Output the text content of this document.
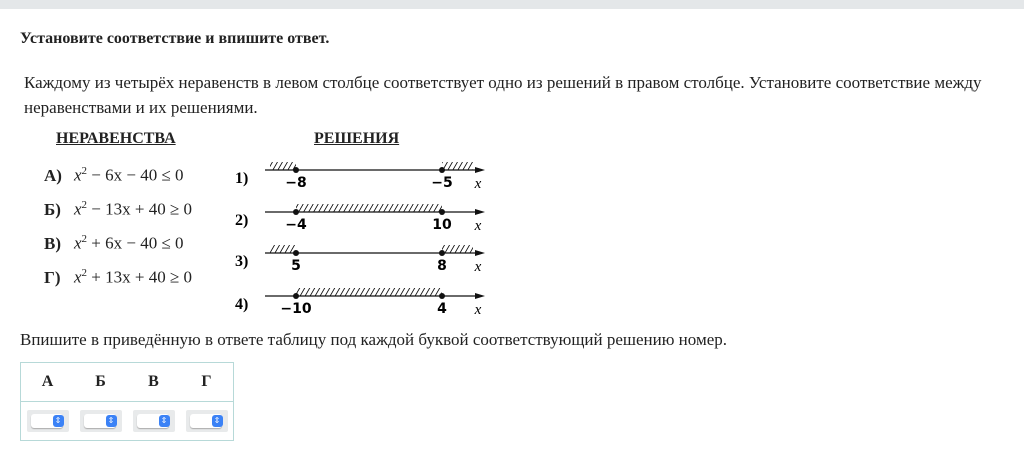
Установите соответствие и впишите ответ.
Каждому из четырёх неравенств в левом столбце соответствует одно из решений в правом столбце. Установите соответствие между неравенствами и их решениями.
НЕРАВЕНСТВА	РЕШЕНИЯ
А) $x^2 - 6x - 40 \le 0$
Б) $x^2 - 13x + 40 \ge 0$
В) $x^2 + 6x - 40 \le 0$
Г) $x^2 + 13x + 40 \ge 0$
−8	−5 x
1)
−4	10 x
2)
5	8 x
3)
−10	4 x
4)
Впишите в приведённую в ответе таблицу под каждой буквой соответствующий решению номер.
А	Б	В	Г

⇕	⇕	⇕	⇕
